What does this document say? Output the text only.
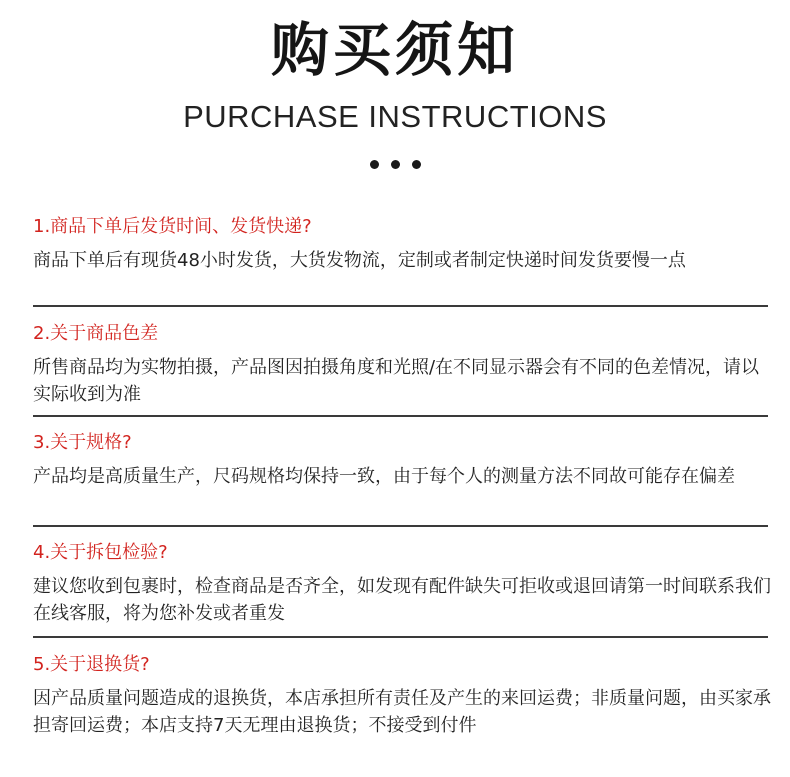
购买须知
PURCHASE INSTRUCTIONS
1.商品下单后发货时间、发货快递?
商品下单后有现货48小时发货，大货发物流，定制或者制定快递时间发货要慢一点
2.关于商品色差
所售商品均为实物拍摄，产品图因拍摄角度和光照/在不同显示器会有不同的色差情况，请以实际收到为准
3.关于规格?
产品均是高质量生产，尺码规格均保持一致，由于每个人的测量方法不同故可能存在偏差
4.关于拆包检验?
建议您收到包裹时，检查商品是否齐全，如发现有配件缺失可拒收或退回请第一时间联系我们在线客服，将为您补发或者重发
5.关于退换货?
因产品质量问题造成的退换货，本店承担所有责任及产生的来回运费；非质量问题，由买家承担寄回运费；本店支持7天无理由退换货；不接受到付件
